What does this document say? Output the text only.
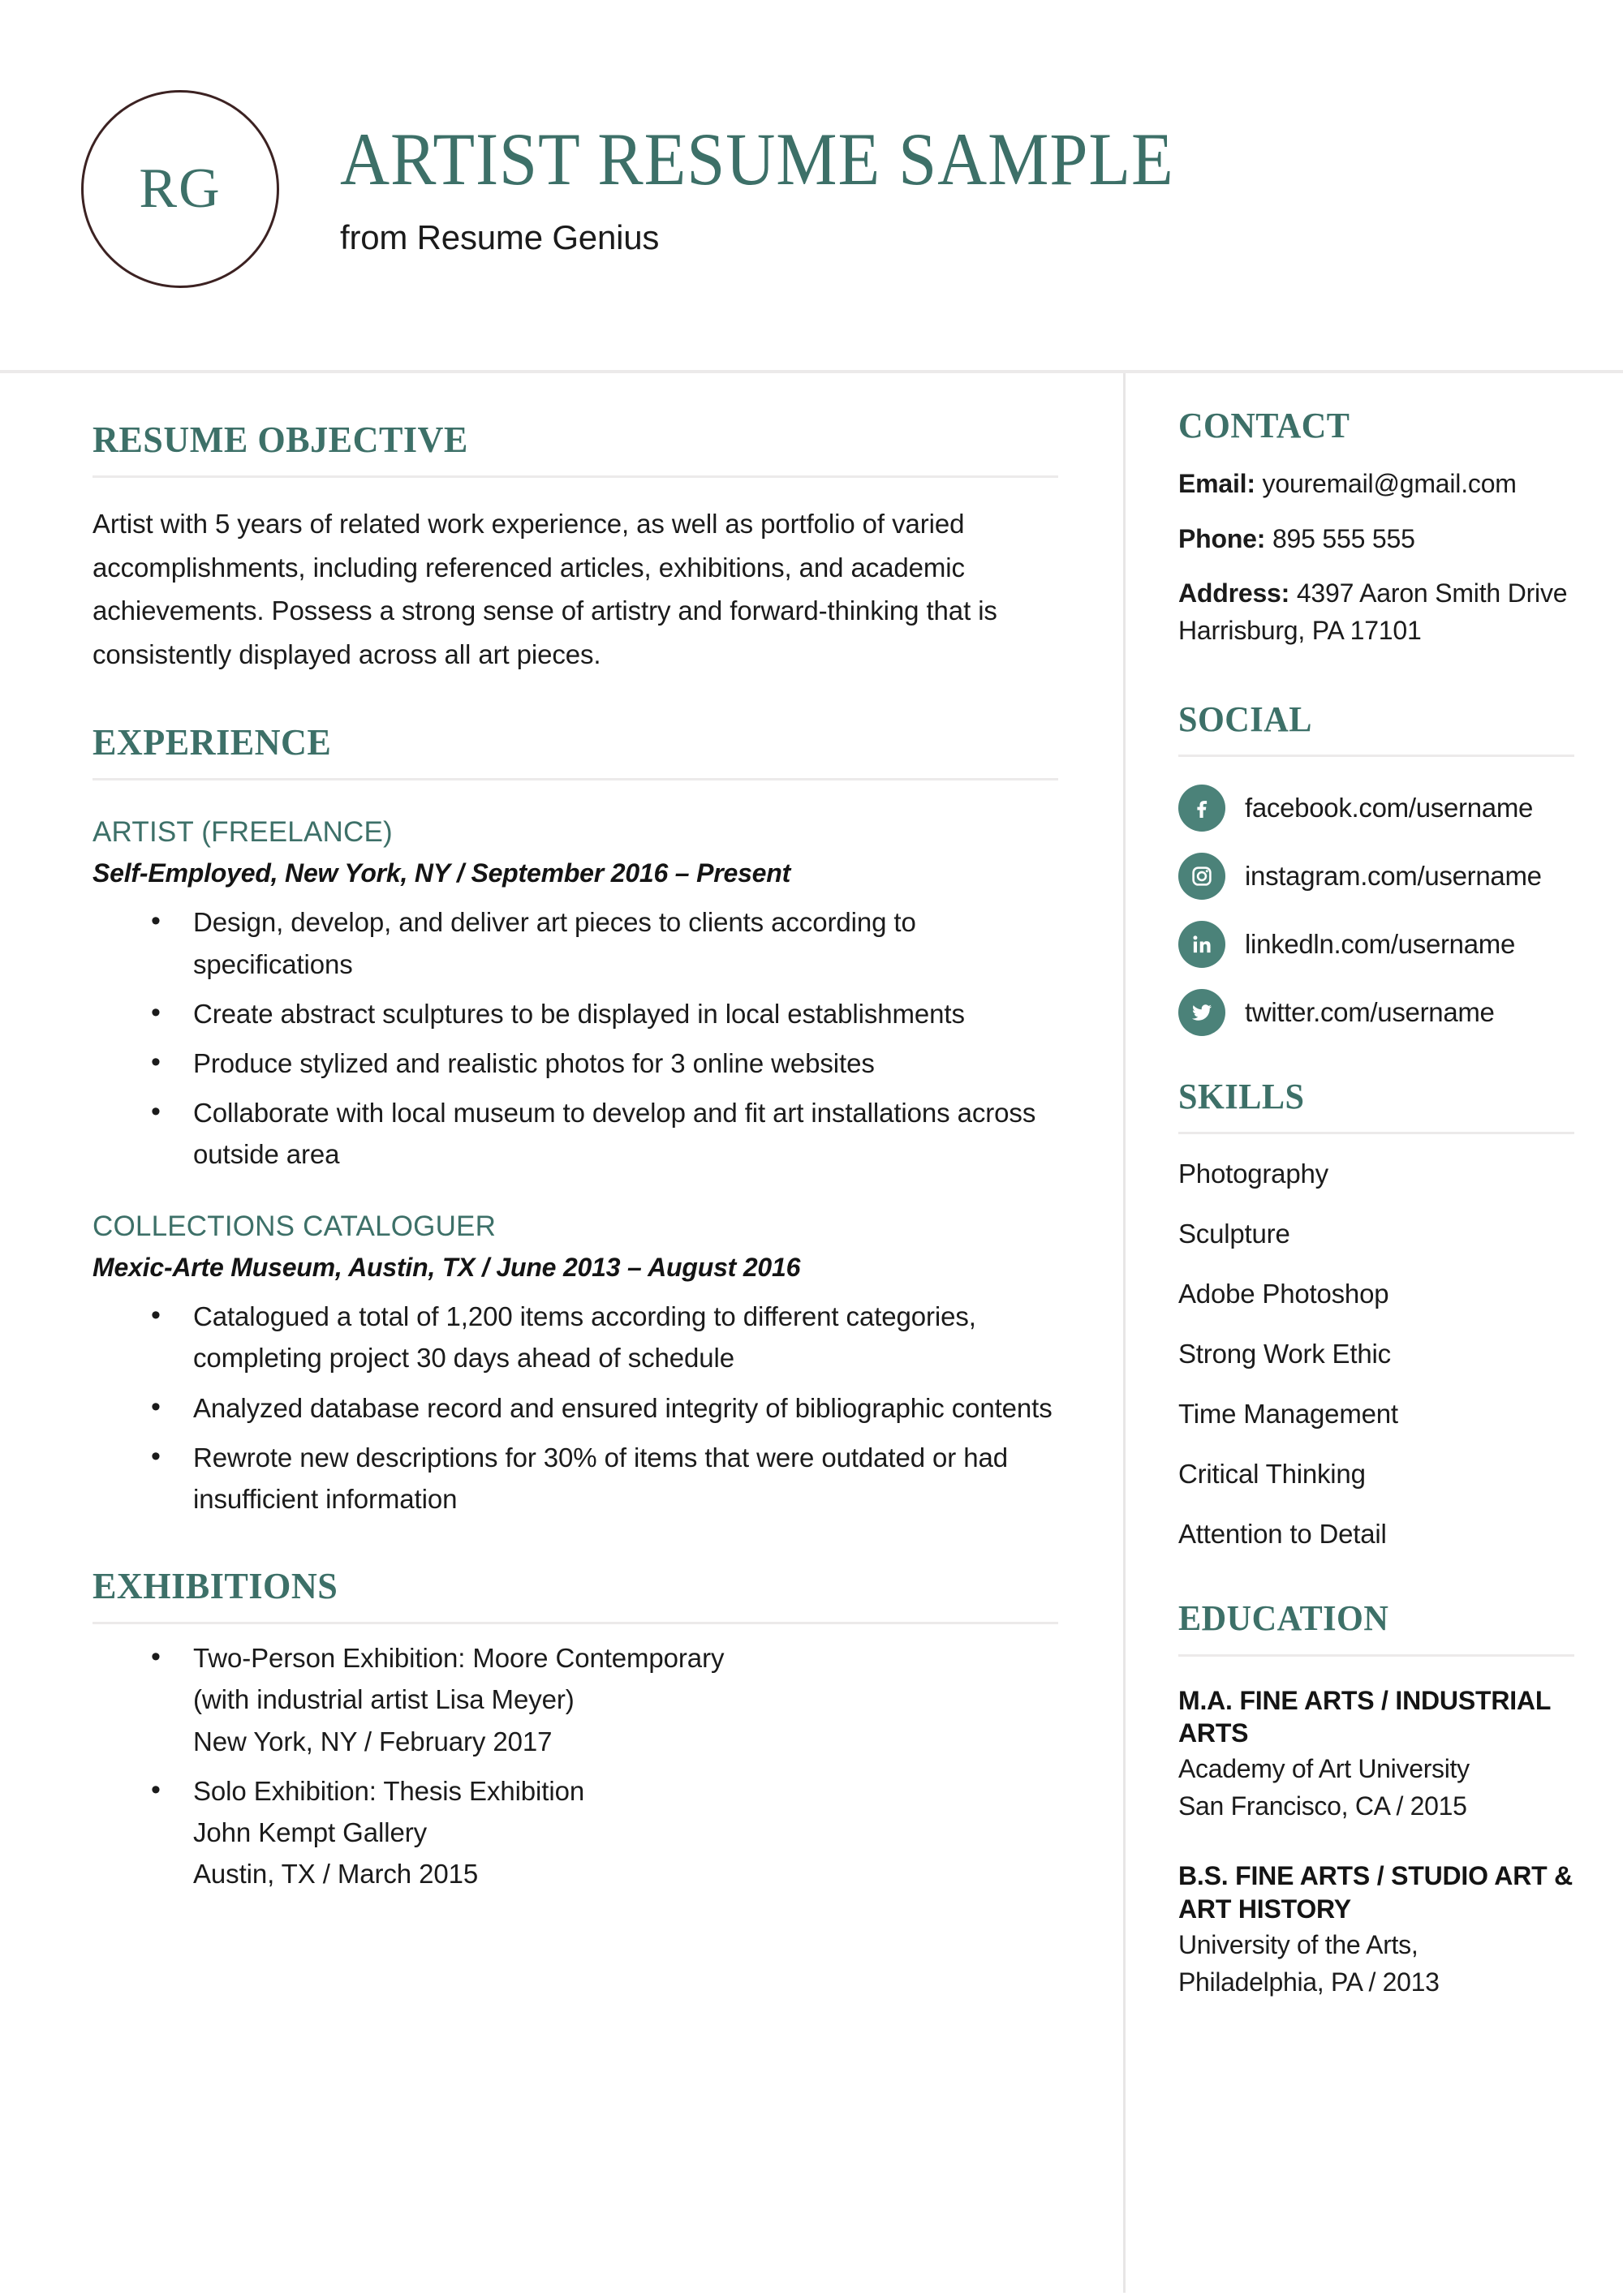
RG ARTIST RESUME SAMPLE
from Resume Genius
RESUME OBJECTIVE

Artist with 5 years of related work experience, as well as portfolio of varied accomplishments, including referenced articles, exhibitions, and academic achievements. Possess a strong sense of artistry and forward-thinking that is consistently displayed across all art pieces.

EXPERIENCE
ARTIST (FREELANCE)
Self-Employed, New York, NY / September 2016 – Present
• Design, develop, and deliver art pieces to clients according to specifications
• Create abstract sculptures to be displayed in local establishments
• Produce stylized and realistic photos for 3 online websites
• Collaborate with local museum to develop and fit art installations across outside area
COLLECTIONS CATALOGUER
Mexic-Arte Museum, Austin, TX / June 2013 – August 2016
• Catalogued a total of 1,200 items according to different categories, completing project 30 days ahead of schedule
• Analyzed database record and ensured integrity of bibliographic contents
• Rewrote new descriptions for 30% of items that were outdated or had insufficient information
EXHIBITIONS
• Two-Person Exhibition: Moore Contemporary
(with industrial artist Lisa Meyer)
New York, NY / February 2017
• Solo Exhibition: Thesis Exhibition
John Kempt Gallery
Austin, TX / March 2015
CONTACT
Email: youremail@gmail.com
Phone: 895 555 555
Address: 4397 Aaron Smith Drive Harrisburg, PA 17101
SOCIAL
facebook.com/username
instagram.com/username
linkedln.com/username
twitter.com/username
SKILLS
Photography
Sculpture
Adobe Photoshop
Strong Work Ethic
Time Management
Critical Thinking
Attention to Detail
EDUCATION
M.A. FINE ARTS / INDUSTRIAL ARTS
Academy of Art University
San Francisco, CA / 2015
B.S. FINE ARTS / STUDIO ART & ART HISTORY
University of the Arts,
Philadelphia, PA / 2013
